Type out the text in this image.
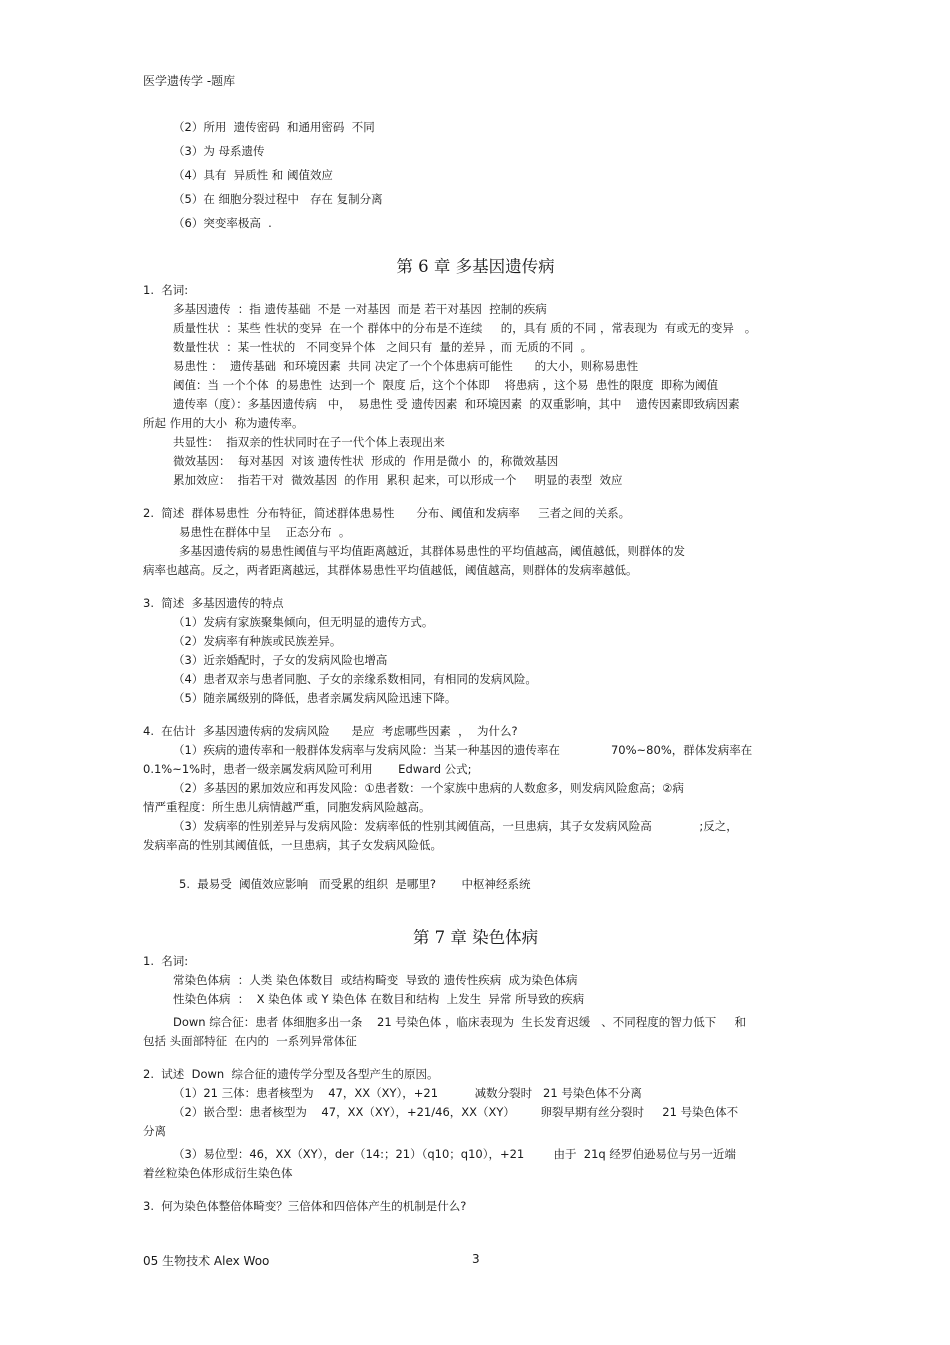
医学遗传学 -题库
（2）所用  遗传密码  和通用密码  不同
（3）为 母系遗传
（4）具有  异质性 和 阈值效应
（5）在 细胞分裂过程中   存在 复制分离
（6）突变率极高  .
第 6 章 多基因遗传病
1.  名词:
多基因遗传  ：指 遗传基础  不是 一对基因  而是 若干对基因  控制的疾病
质量性状  ：某些 性状的变异  在一个 群体中的分布是不连续     的，具有 质的不同 ，常表现为  有或无的变异   。
数量性状  ：某一性状的   不同变异个体   之间只有  量的差异 ，而 无质的不同  。
易患性 ：  遗传基础  和环境因素  共同 决定了一个个体患病可能性      的大小，则称易患性
阈值：当 一个个体  的易患性  达到一个  限度 后，这个个体即    将患病 ，这个易  患性的限度  即称为阈值
遗传率（度）：多基因遗传病   中，  易患性 受 遗传因素  和环境因素  的双重影响，其中    遗传因素即致病因素
所起 作用的大小  称为遗传率。
共显性：  指双亲的性状同时在子一代个体上表现出来
微效基因：  每对基因  对该 遗传性状  形成的  作用是微小  的，称微效基因
累加效应：  指若干对  微效基因  的作用  累积 起来，可以形成一个     明显的表型  效应
2.  简述  群体易患性  分布特征，简述群体患易性      分布、阈值和发病率     三者之间的关系。
易患性在群体中呈    正态分布  。
多基因遗传病的易患性阈值与平均值距离越近，其群体易患性的平均值越高，阈值越低，则群体的发
病率也越高。反之，两者距离越远，其群体易患性平均值越低，阈值越高，则群体的发病率越低。
3.  简述  多基因遗传的特点
（1）发病有家族聚集倾向，但无明显的遗传方式。
（2）发病率有种族或民族差异。
（3）近亲婚配时，子女的发病风险也增高
（4）患者双亲与患者同胞、子女的亲缘系数相同，有相同的发病风险。
（5）随亲属级别的降低，患者亲属发病风险迅速下降。
4.  在估计  多基因遗传病的发病风险      是应  考虑哪些因素  ，  为什么?
（1）疾病的遗传率和一般群体发病率与发病风险：当某一种基因的遗传率在              70%~80%，群体发病率在
0.1%~1%时，患者一级亲属发病风险可利用       Edward 公式;
（2）多基因的累加效应和再发风险：①患者数：一个家族中患病的人数愈多，则发病风险愈高；②病
情严重程度：所生患儿病情越严重，同胞发病风险越高。
（3）发病率的性别差异与发病风险：发病率低的性别其阈值高，一旦患病，其子女发病风险高             ;反之，
发病率高的性别其阈值低，一旦患病，其子女发病风险低。
5.  最易受  阈值效应影响   而受累的组织  是哪里?       中枢神经系统
第 7 章 染色体病
1.  名词:
常染色体病  ：人类 染色体数目  或结构畸变  导致的 遗传性疾病  成为染色体病
性染色体病  ：  X 染色体 或 Y 染色体 在数目和结构  上发生  异常 所导致的疾病
Down 综合征：患者 体细胞多出一条    21 号染色体 ，临床表现为  生长发育迟缓   、不同程度的智力低下     和
包括 头面部特征  在内的  一系列异常体征
2.  试述  Down  综合征的遗传学分型及各型产生的原因。
（1）21 三体：患者核型为    47，XX（XY），+21          减数分裂时   21 号染色体不分离
（2）嵌合型：患者核型为    47，XX（XY），+21/46，XX（XY）       卵裂早期有丝分裂时     21 号染色体不
分离
（3）易位型：46，XX（XY），der（14:；21）（q10；q10），+21        由于  21q 经罗伯逊易位与另一近端
着丝粒染色体形成衍生染色体
3.  何为染色体整倍体畸变？三倍体和四倍体产生的机制是什么?
05 生物技术 Alex Woo	3
